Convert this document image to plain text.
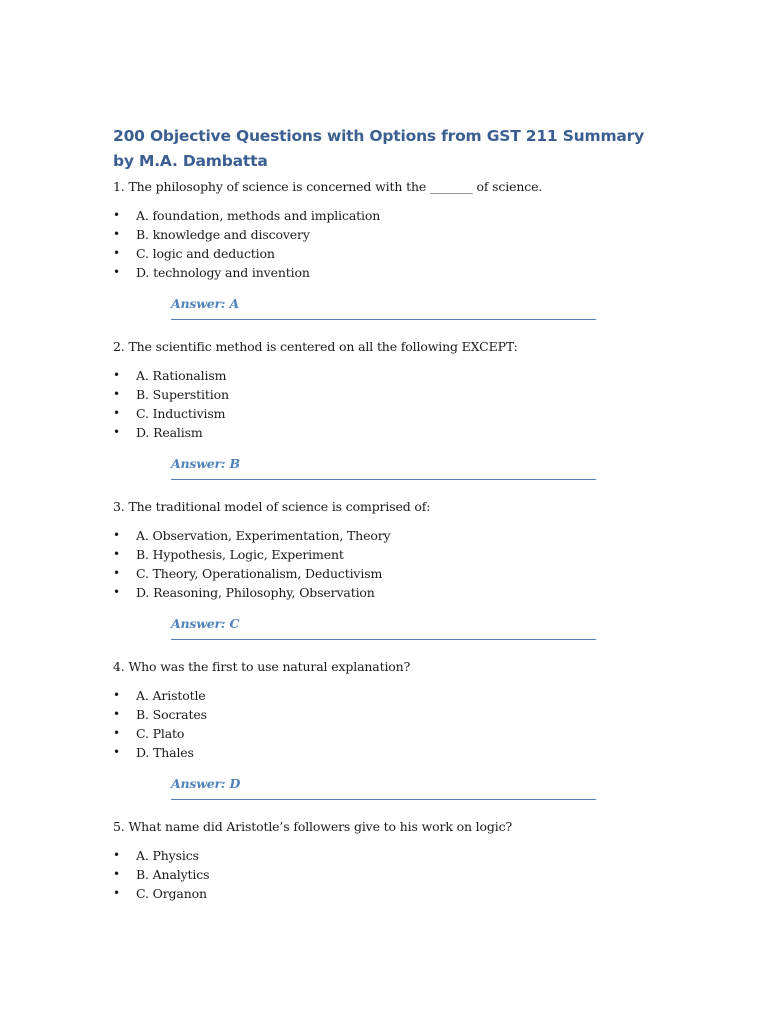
200 Objective Questions with Options from GST 211 Summary by M.A. Dambatta

1. The philosophy of science is concerned with the _______ of science.

• A. foundation, methods and implication
• B. knowledge and discovery
• C. logic and deduction
• D. technology and invention
Answer: A

2. The scientific method is centered on all the following EXCEPT:

• A. Rationalism
• B. Superstition
• C. Inductivism
• D. Realism
Answer: B

3. The traditional model of science is comprised of:

• A. Observation, Experimentation, Theory
• B. Hypothesis, Logic, Experiment
• C. Theory, Operationalism, Deductivism
• D. Reasoning, Philosophy, Observation
Answer: C

4. Who was the first to use natural explanation?

• A. Aristotle
• B. Socrates
• C. Plato
• D. Thales
Answer: D

5. What name did Aristotle’s followers give to his work on logic?

• A. Physics
• B. Analytics
• C. Organon
